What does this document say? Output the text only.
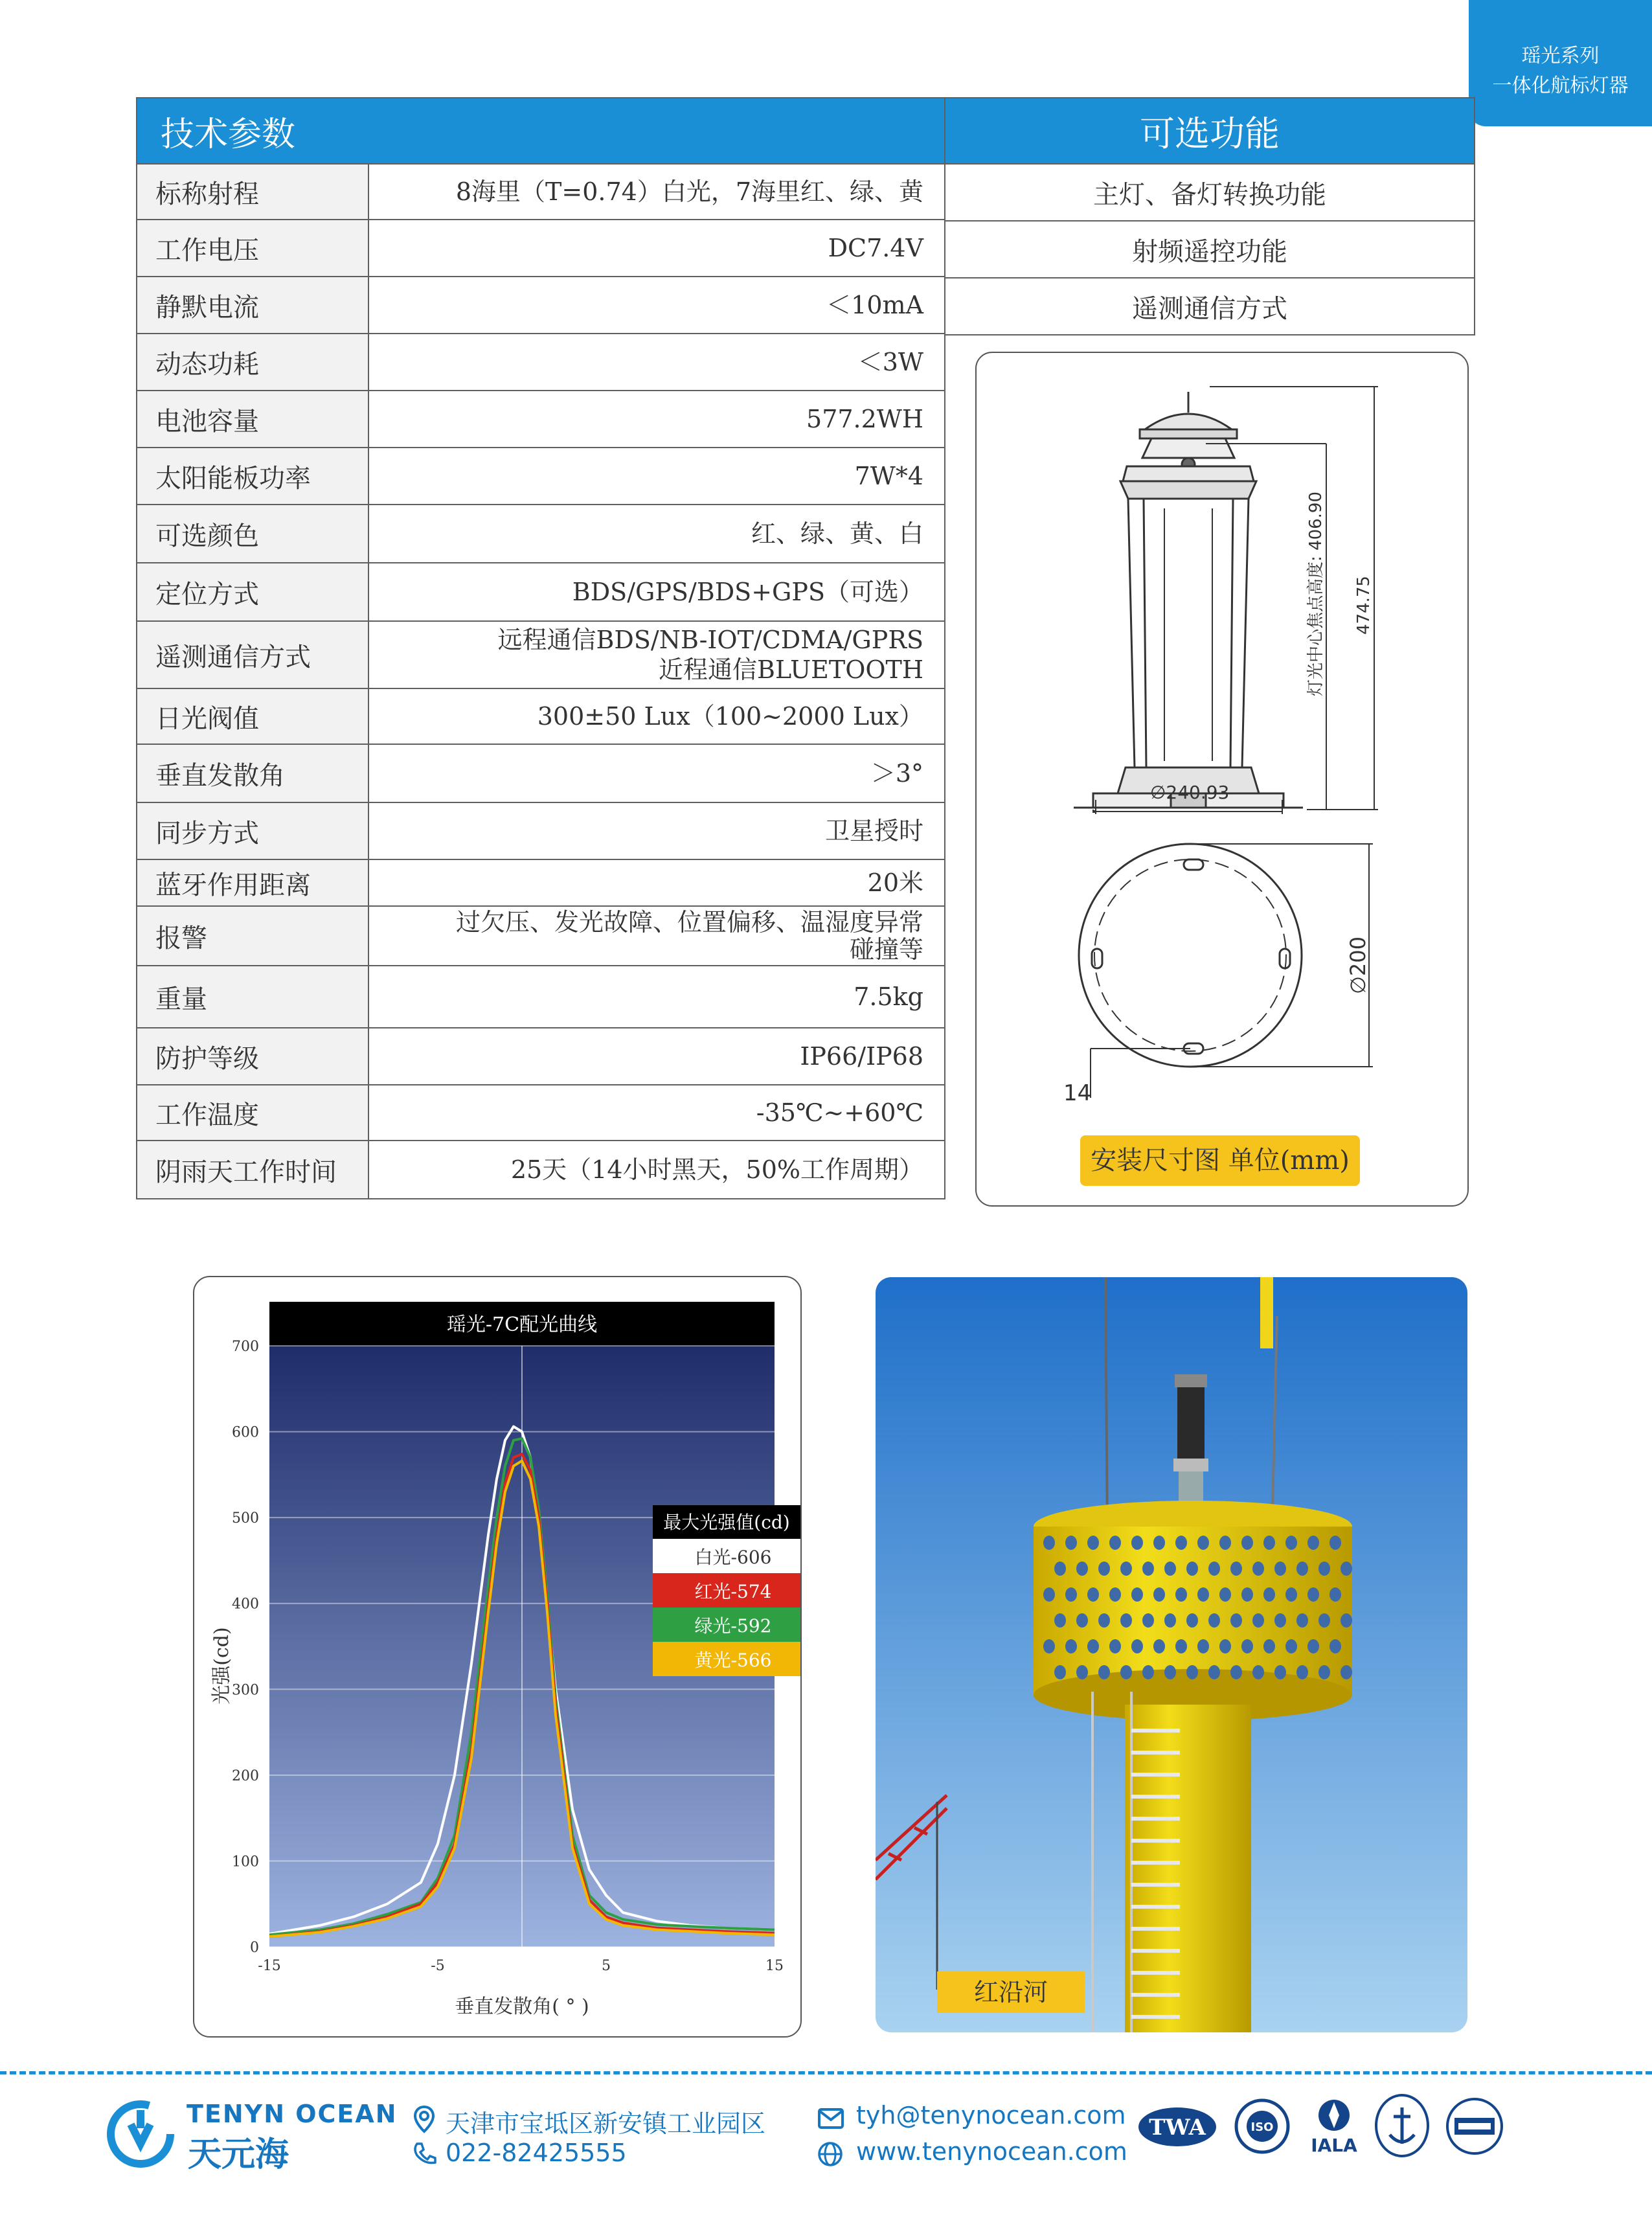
瑶光系列
一体化航标灯器
技术参数	
标称射程	8海里（T=0.74）白光，7海里红、绿、黄
工作电压	DC7.4V
静默电流	＜10mA
动态功耗	＜3W
电池容量	577.2WH
太阳能板功率	7W*4
可选颜色	红、绿、黄、白
定位方式	BDS/GPS/BDS+GPS（可选）
遥测通信方式	远程通信BDS/NB-IOT/CDMA/GPRS
近程通信BLUETOOTH

日光阀值	300±50 Lux（100~2000 Lux）
垂直发散角	＞3°
同步方式	卫星授时
蓝牙作用距离	20米
报警	过欠压、发光故障、位置偏移、温湿度异常
碰撞等

重量	7.5kg
防护等级	IP66/IP68
工作温度	-35℃~+60℃
阴雨天工作时间	25天（14小时黑天，50%工作周期）
可选功能
主灯、备灯转换功能
射频遥控功能
遥测通信方式
灯光中心焦点高度: 406.90 474.75
∅240.93
∅200
14
安装尺寸图 单位(mm)
瑶光-7C配光曲线
0
100
200
300
400
500
600
700
-15	-5	5	15
光强(cd)
垂直发散角( ° )
最大光强值(cd)
白光-606
红光-574
绿光-592
黄光-566
红沿河
TENYN OCEAN
天元海
天津市宝坻区新安镇工业园区
022-82425555
tyh@tenynocean.com
www.tenynocean.com
TWA	ISO
IALA
